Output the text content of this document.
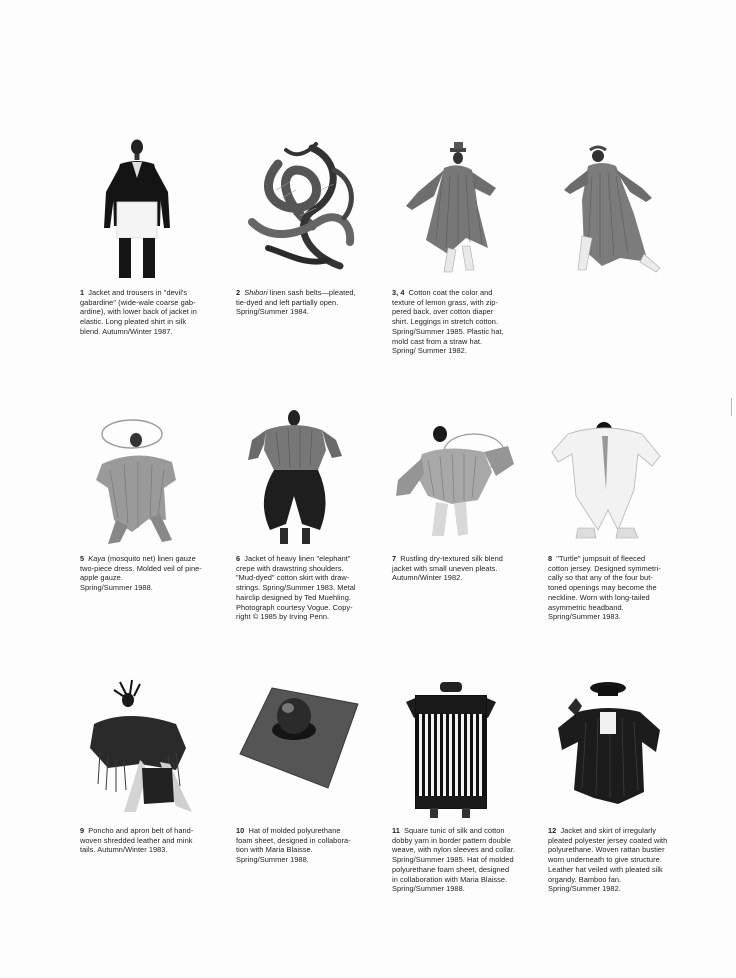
1 Jacket and trousers in "devil's
gabardine" (wide-wale coarse gab-
ardine), with lower back of jacket in
elastic. Long pleated shirt in silk
blend. Autumn/Winter 1987.
2 Shibori linen sash belts—pleated,
tie-dyed and left partially open.
Spring/Summer 1984.
3, 4 Cotton coat the color and
texture of lemon grass, with zip-
pered back, over cotton diaper
shirt. Leggings in stretch cotton.
Spring/Summer 1985. Plastic hat,
mold cast from a straw hat.
Spring/ Summer 1982.
5 Kaya (mosquito net) linen gauze
two-piece dress. Molded veil of pine-
apple gauze.
Spring/Summer 1988.
6 Jacket of heavy linen "elephant"
crepe with drawstring shoulders.
"Mud-dyed" cotton skirt with draw-
strings. Spring/Summer 1983. Metal
hairclip designed by Ted Muehling.
Photograph courtesy Vogue. Copy-
right © 1985 by Irving Penn.
7 Rustling dry-textured silk blend
jacket with small uneven pleats.
Autumn/Winter 1982.
8 "Turtle" jumpsuit of fleeced
cotton jersey. Designed symmetri-
cally so that any of the four but-
toned openings may become the
neckline. Worn with long-tailed
asymmetric headband.
Spring/Summer 1983.
9 Poncho and apron belt of hand-
woven shredded leather and mink
tails. Autumn/Winter 1983.
10 Hat of molded polyurethane
foam sheet, designed in collabora-
tion with Maria Blaisse.
Spring/Summer 1988.
11 Square tunic of silk and cotton
dobby yarn in border pattern double
weave, with nylon sleeves and collar.
Spring/Summer 1985. Hat of molded
polyurethane foam sheet, designed
in collaboration with Maria Blaisse.
Spring/Summer 1988.
12 Jacket and skirt of irregularly
pleated polyester jersey coated with
polyurethane. Woven rattan bustier
worn underneath to give structure.
Leather hat veiled with pleated silk
organdy. Bamboo fan.
Spring/Summer 1982.
